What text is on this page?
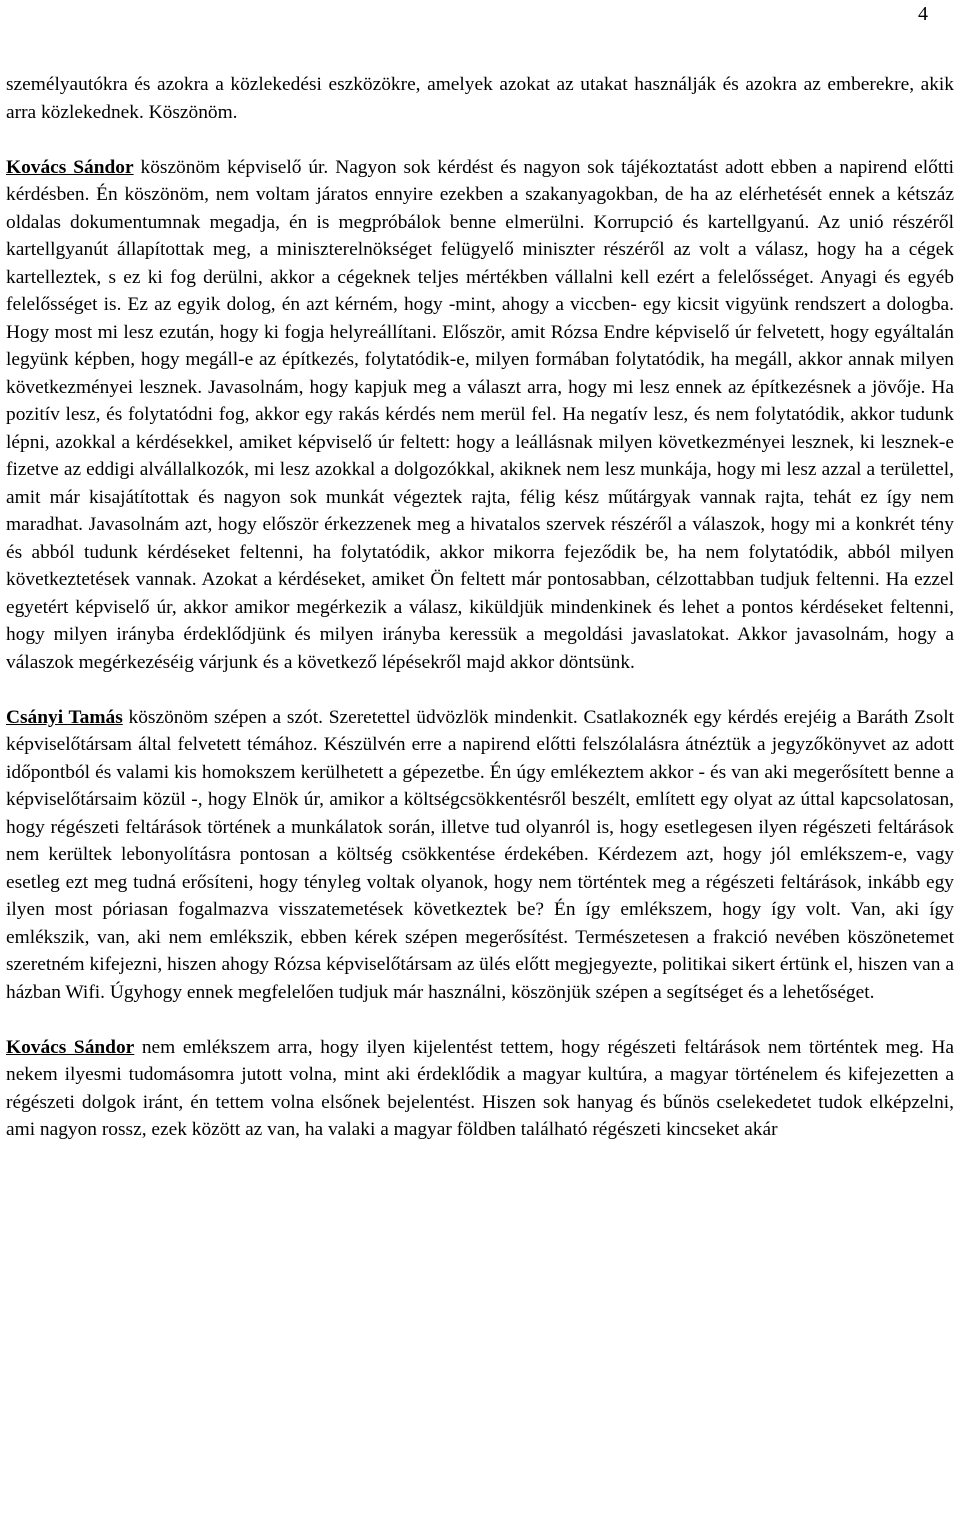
4

személyautókra és azokra a közlekedési eszközökre, amelyek azokat az utakat használják és azokra az emberekre, akik arra közlekednek. Köszönöm.

Kovács Sándor köszönöm képviselő úr. Nagyon sok kérdést és nagyon sok tájékoztatást adott ebben a napirend előtti kérdésben. Én köszönöm, nem voltam járatos ennyire ezekben a szakanyagokban, de ha az elérhetését ennek a kétszáz oldalas dokumentumnak megadja, én is megpróbálok benne elmerülni. Korrupció és kartellgyanú. Az unió részéről kartellgyanút állapítottak meg, a miniszterelnökséget felügyelő miniszter részéről az volt a válasz, hogy ha a cégek kartelleztek, s ez ki fog derülni, akkor a cégeknek teljes mértékben vállalni kell ezért a felelősséget. Anyagi és egyéb felelősséget is. Ez az egyik dolog, én azt kérném, hogy -mint, ahogy a viccben- egy kicsit vigyünk rendszert a dologba. Hogy most mi lesz ezután, hogy ki fogja helyreállítani. Először, amit Rózsa Endre képviselő úr felvetett, hogy egyáltalán legyünk képben, hogy megáll-e az építkezés, folytatódik-e, milyen formában folytatódik, ha megáll, akkor annak milyen következményei lesznek. Javasolnám, hogy kapjuk meg a választ arra, hogy mi lesz ennek az építkezésnek a jövője. Ha pozitív lesz, és folytatódni fog, akkor egy rakás kérdés nem merül fel. Ha negatív lesz, és nem folytatódik, akkor tudunk lépni, azokkal a kérdésekkel, amiket képviselő úr feltett: hogy a leállásnak milyen következményei lesznek, ki lesznek-e fizetve az eddigi alvállalkozók, mi lesz azokkal a dolgozókkal, akiknek nem lesz munkája, hogy mi lesz azzal a területtel, amit már kisajátítottak és nagyon sok munkát végeztek rajta, félig kész műtárgyak vannak rajta, tehát ez így nem maradhat. Javasolnám azt, hogy először érkezzenek meg a hivatalos szervek részéről a válaszok, hogy mi a konkrét tény és abból tudunk kérdéseket feltenni, ha folytatódik, akkor mikorra fejeződik be, ha nem folytatódik, abból milyen következtetések vannak. Azokat a kérdéseket, amiket Ön feltett már pontosabban, célzottabban tudjuk feltenni. Ha ezzel egyetért képviselő úr, akkor amikor megérkezik a válasz, kiküldjük mindenkinek és lehet a pontos kérdéseket feltenni, hogy milyen irányba érdeklődjünk és milyen irányba keressük a megoldási javaslatokat. Akkor javasolnám, hogy a válaszok megérkezéséig várjunk és a következő lépésekről majd akkor döntsünk.

Csányi Tamás köszönöm szépen a szót. Szeretettel üdvözlök mindenkit. Csatlakoznék egy kérdés erejéig a Baráth Zsolt képviselőtársam által felvetett témához. Készülvén erre a napirend előtti felszólalásra átnéztük a jegyzőkönyvet az adott időpontból és valami kis homokszem kerülhetett a gépezetbe. Én úgy emlékeztem akkor - és van aki megerősített benne a képviselőtársaim közül -, hogy Elnök úr, amikor a költségcsökkentésről beszélt, említett egy olyat az úttal kapcsolatosan, hogy régészeti feltárások történek a munkálatok során, illetve tud olyanról is, hogy esetlegesen ilyen régészeti feltárások nem kerültek lebonyolításra pontosan a költség csökkentése érdekében. Kérdezem azt, hogy jól emlékszem-e, vagy esetleg ezt meg tudná erősíteni, hogy tényleg voltak olyanok, hogy nem történtek meg a régészeti feltárások, inkább egy ilyen most póriasan fogalmazva visszatemetések következtek be? Én így emlékszem, hogy így volt. Van, aki így emlékszik, van, aki nem emlékszik, ebben kérek szépen megerősítést. Természetesen a frakció nevében köszönetemet szeretném kifejezni, hiszen ahogy Rózsa képviselőtársam az ülés előtt megjegyezte, politikai sikert értünk el, hiszen van a házban Wifi. Úgyhogy ennek megfelelően tudjuk már használni, köszönjük szépen a segítséget és a lehetőséget.

Kovács Sándor nem emlékszem arra, hogy ilyen kijelentést tettem, hogy régészeti feltárások nem történtek meg. Ha nekem ilyesmi tudomásomra jutott volna, mint aki érdeklődik a magyar kultúra, a magyar történelem és kifejezetten a régészeti dolgok iránt, én tettem volna elsőnek bejelentést. Hiszen sok hanyag és bűnös cselekedetet tudok elképzelni, ami nagyon rossz, ezek között az van, ha valaki a magyar földben található régészeti kincseket akár
